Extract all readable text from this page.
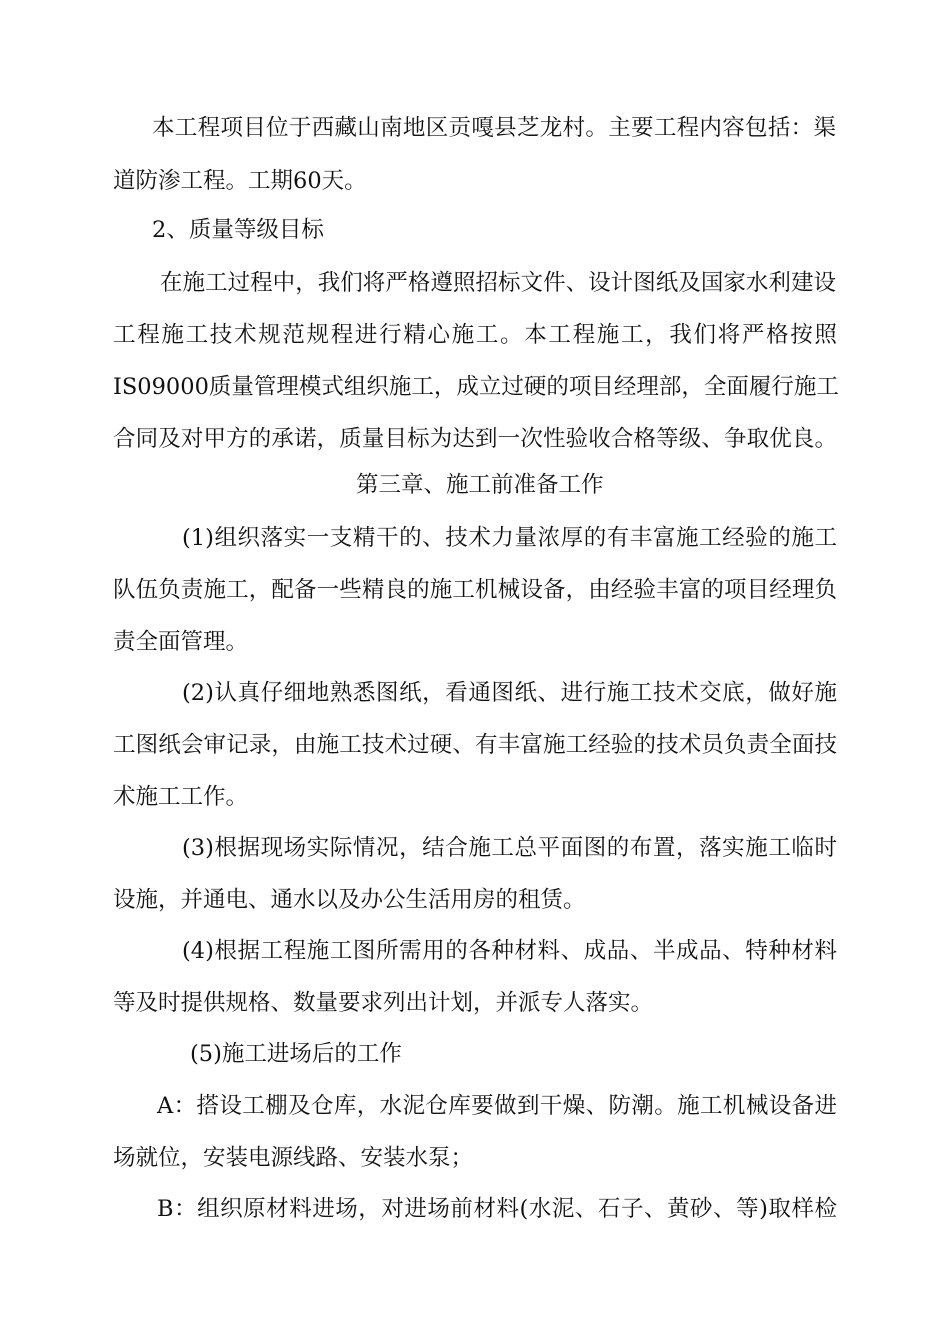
本工程项目位于西藏山南地区贡嘎县芝龙村。主要工程内容包括：渠
道防渗工程。工期60天。
2、质量等级目标
在施工过程中，我们将严格遵照招标文件、设计图纸及国家水利建设
工程施工技术规范规程进行精心施工。本工程施工，我们将严格按照
IS09000质量管理模式组织施工，成立过硬的项目经理部，全面履行施工
合同及对甲方的承诺，质量目标为达到一次性验收合格等级、争取优良。
第三章、施工前准备工作
(1)组织落实一支精干的、技术力量浓厚的有丰富施工经验的施工
队伍负责施工，配备一些精良的施工机械设备，由经验丰富的项目经理负
责全面管理。
(2)认真仔细地熟悉图纸，看通图纸、进行施工技术交底，做好施
工图纸会审记录，由施工技术过硬、有丰富施工经验的技术员负责全面技
术施工工作。
(3)根据现场实际情况，结合施工总平面图的布置，落实施工临时
设施，并通电、通水以及办公生活用房的租赁。
(4)根据工程施工图所需用的各种材料、成品、半成品、特种材料
等及时提供规格、数量要求列出计划，并派专人落实。
(5)施工进场后的工作
A：搭设工棚及仓库，水泥仓库要做到干燥、防潮。施工机械设备进
场就位，安装电源线路、安装水泵；
B：组织原材料进场，对进场前材料(水泥、石子、黄砂、等)取样检
